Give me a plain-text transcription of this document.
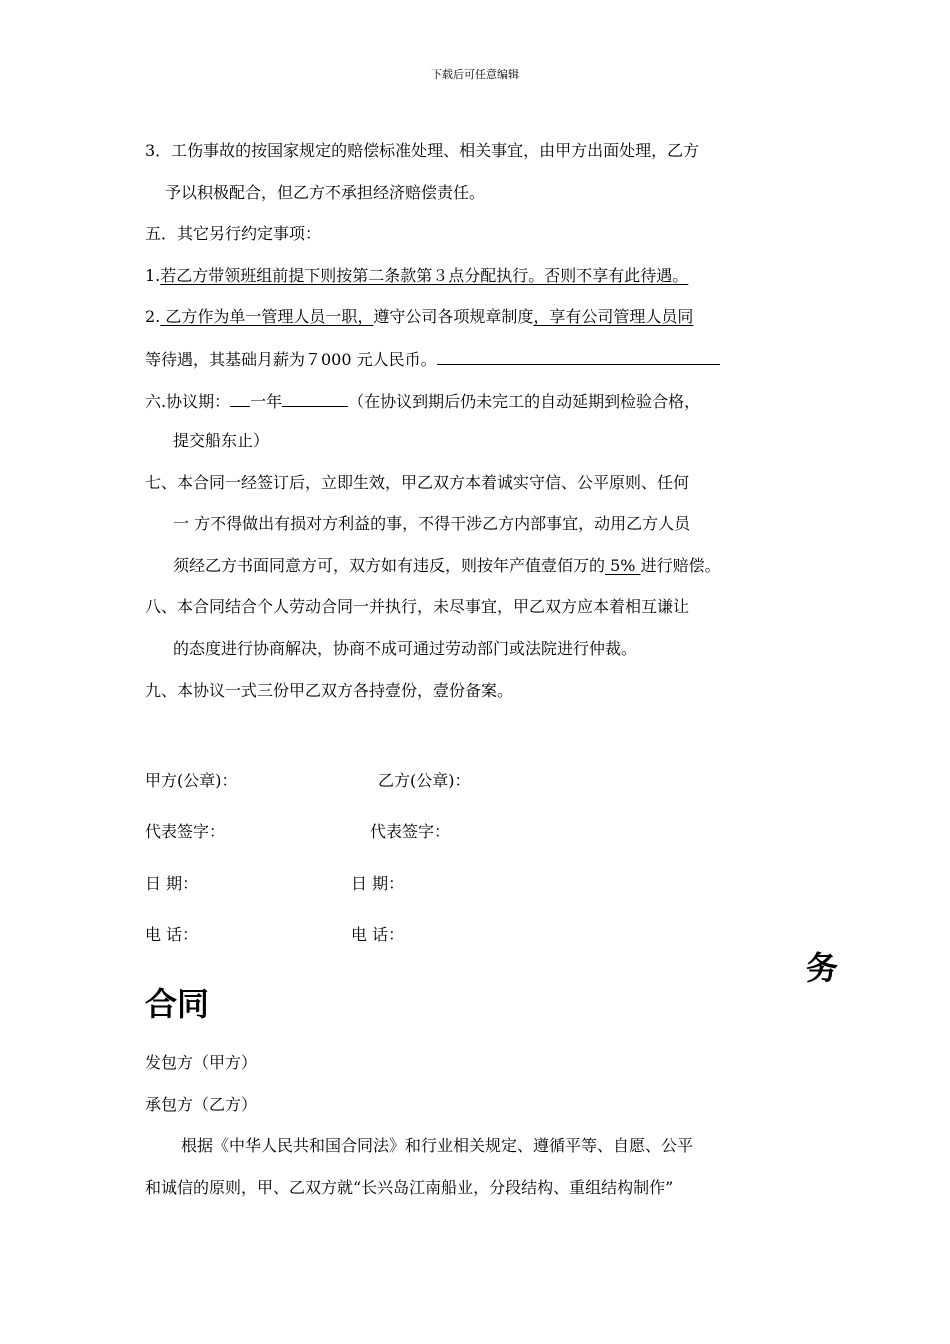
下载后可任意编辑
3．工伤事故的按国家规定的赔偿标准处理、相关事宜，由甲方出面处理，乙方
予以积极配合，但乙方不承担经济赔偿责任。
五．其它另行约定事项：
1.若乙方带领班组前提下则按第二条款第３点分配执行。否则不享有此待遇。
2. 乙方作为单一管理人员一职，遵守公司各项规章制度，享有公司管理人员同
等待遇，其基础月薪为７000 元人民币。
六.协议期： 一年	（在协议到期后仍未完工的自动延期到检验合格，
提交船东止）
七、本合同一经签订后，立即生效，甲乙双方本着诚实守信、公平原则、任何
一 方不得做出有损对方利益的事，不得干涉乙方内部事宜，动用乙方人员
须经乙方书面同意方可，双方如有违反，则按年产值壹佰万的 5% 进行赔偿。
八、本合同结合个人劳动合同一并执行，未尽事宜，甲乙双方应本着相互谦让
的态度进行协商解决，协商不成可通过劳动部门或法院进行仲裁。
九、本协议一式三份甲乙双方各持壹份，壹份备案。
甲方(公章)：	乙方(公章)：
代表签字：	代表签字：
日 期：	日 期：
电 话：	电 话：
务
合同
发包方（甲方）
承包方（乙方）
根据《中华人民共和国合同法》和行业相关规定、遵循平等、自愿、公平
和诚信的原则，甲、乙双方就“长兴岛江南船业，分段结构、重组结构制作”
